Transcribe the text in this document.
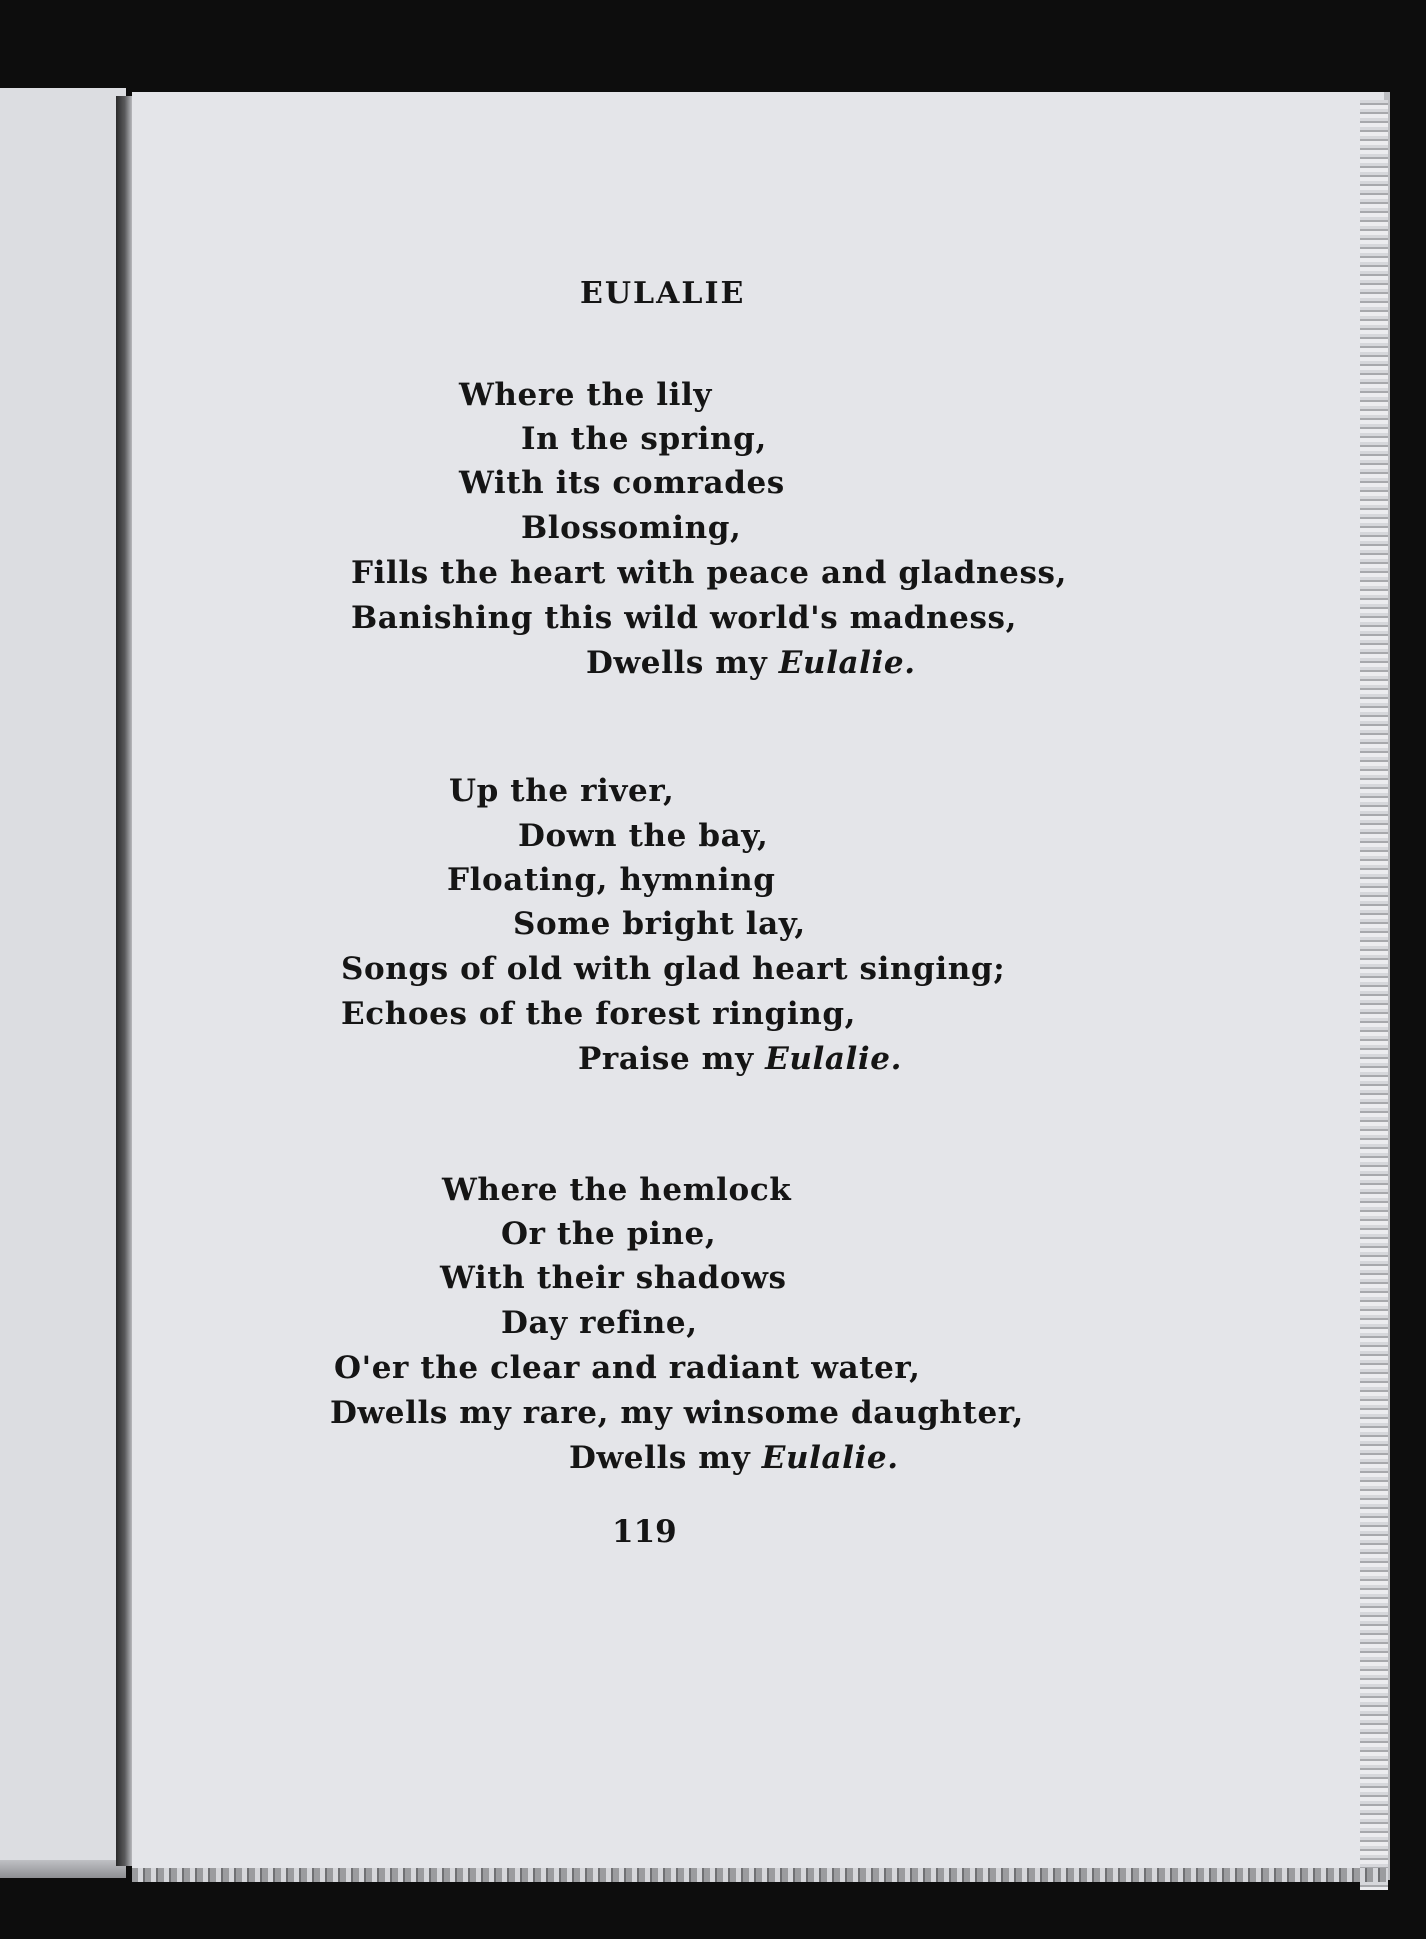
EULALIE
Where the lily
In the spring,
With its comrades
Blossoming,
Fills the heart with peace and gladness,
Banishing this wild world's madness,
Dwells my Eulalie.
Up the river,
Down the bay,
Floating, hymning
Some bright lay,
Songs of old with glad heart singing;
Echoes of the forest ringing,
Praise my Eulalie.
Where the hemlock
Or the pine,
With their shadows
Day refine,
O'er the clear and radiant water,
Dwells my rare, my winsome daughter,
Dwells my Eulalie.
119
